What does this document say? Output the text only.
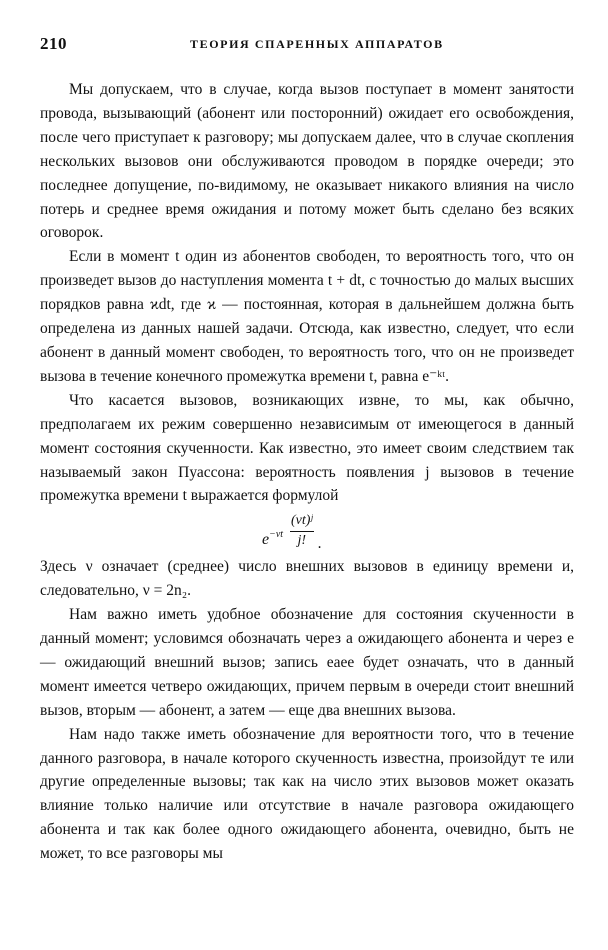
210	ТЕОРИЯ СПАРЕННЫХ АППАРАТОВ

Мы допускаем, что в случае, когда вызов поступает в момент занятости провода, вызывающий (абонент или посторонний) ожидает его освобождения, после чего приступает к разговору; мы допускаем далее, что в случае скопления нескольких вызовов они обслуживаются проводом в порядке очереди; это последнее допущение, по-видимому, не оказывает никакого влияния на число потерь и среднее время ожидания и потому может быть сделано без всяких оговорок.

Если в момент t один из абонентов свободен, то вероятность того, что он произведет вызов до наступления момента t + dt, с точностью до малых высших порядков равна ϰdt, где ϰ — постоянная, которая в дальнейшем должна быть определена из данных нашей задачи. Отсюда, как известно, следует, что если абонент в данный момент свободен, то вероятность того, что он не произведет вызова в течение конечного промежутка времени t, равна e⁻ᵏᵗ.

Что касается вызовов, возникающих извне, то мы, как обычно, предполагаем их режим совершенно независимым от имеющегося в данный момент состояния скученности. Как известно, это имеет своим следствием так называемый закон Пуассона: вероятность появления j вызовов в течение промежутка времени t выражается формулой

$e^{-\nu t} \frac{\text{(νt)ʲ}}{j!}$ .

Здесь ν означает (среднее) число внешних вызовов в единицу времени и, следовательно, ν = 2n₂.

Нам важно иметь удобное обозначение для состояния скученности в данный момент; условимся обозначать через a ожидающего абонента и через e — ожидающий внешний вызов; запись eaee будет означать, что в данный момент имеется четверо ожидающих, причем первым в очереди стоит внешний вызов, вторым — абонент, а затем — еще два внешних вызова.

Нам надо также иметь обозначение для вероятности того, что в течение данного разговора, в начале которого скученность известна, произойдут те или другие определенные вызовы; так как на число этих вызовов может оказать влияние только наличие или отсутствие в начале разговора ожидающего абонента и так как более одного ожидающего абонента, очевидно, быть не может, то все разговоры мы
